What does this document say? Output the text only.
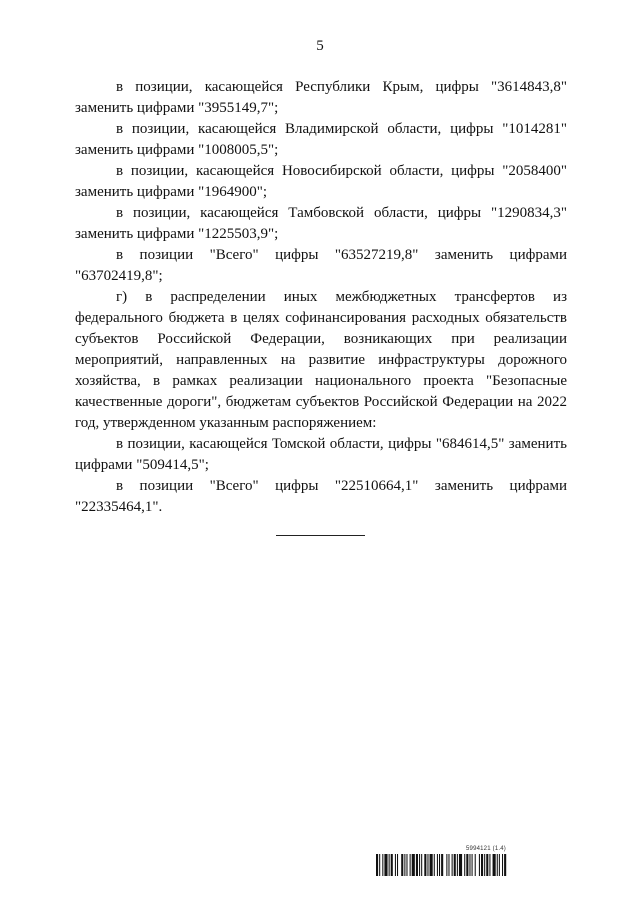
5

в позиции, касающейся Республики Крым, цифры "3614843,8" заменить цифрами "3955149,7";

в позиции, касающейся Владимирской области, цифры "1014281" заменить цифрами "1008005,5";

в позиции, касающейся Новосибирской области, цифры "2058400" заменить цифрами "1964900";

в позиции, касающейся Тамбовской области, цифры "1290834,3" заменить цифрами "1225503,9";

в позиции "Всего" цифры "63527219,8" заменить цифрами "63702419,8";

г) в распределении иных межбюджетных трансфертов из федерального бюджета в целях софинансирования расходных обязательств субъектов Российской Федерации, возникающих при реализации мероприятий, направленных на развитие инфраструктуры дорожного хозяйства, в рамках реализации национального проекта "Безопасные качественные дороги", бюджетам субъектов Российской Федерации на 2022 год, утвержденном указанным распоряжением:

в позиции, касающейся Томской области, цифры "684614,5" заменить цифрами "509414,5";

в позиции "Всего" цифры "22510664,1" заменить цифрами "22335464,1".

5994121 (1.4)
